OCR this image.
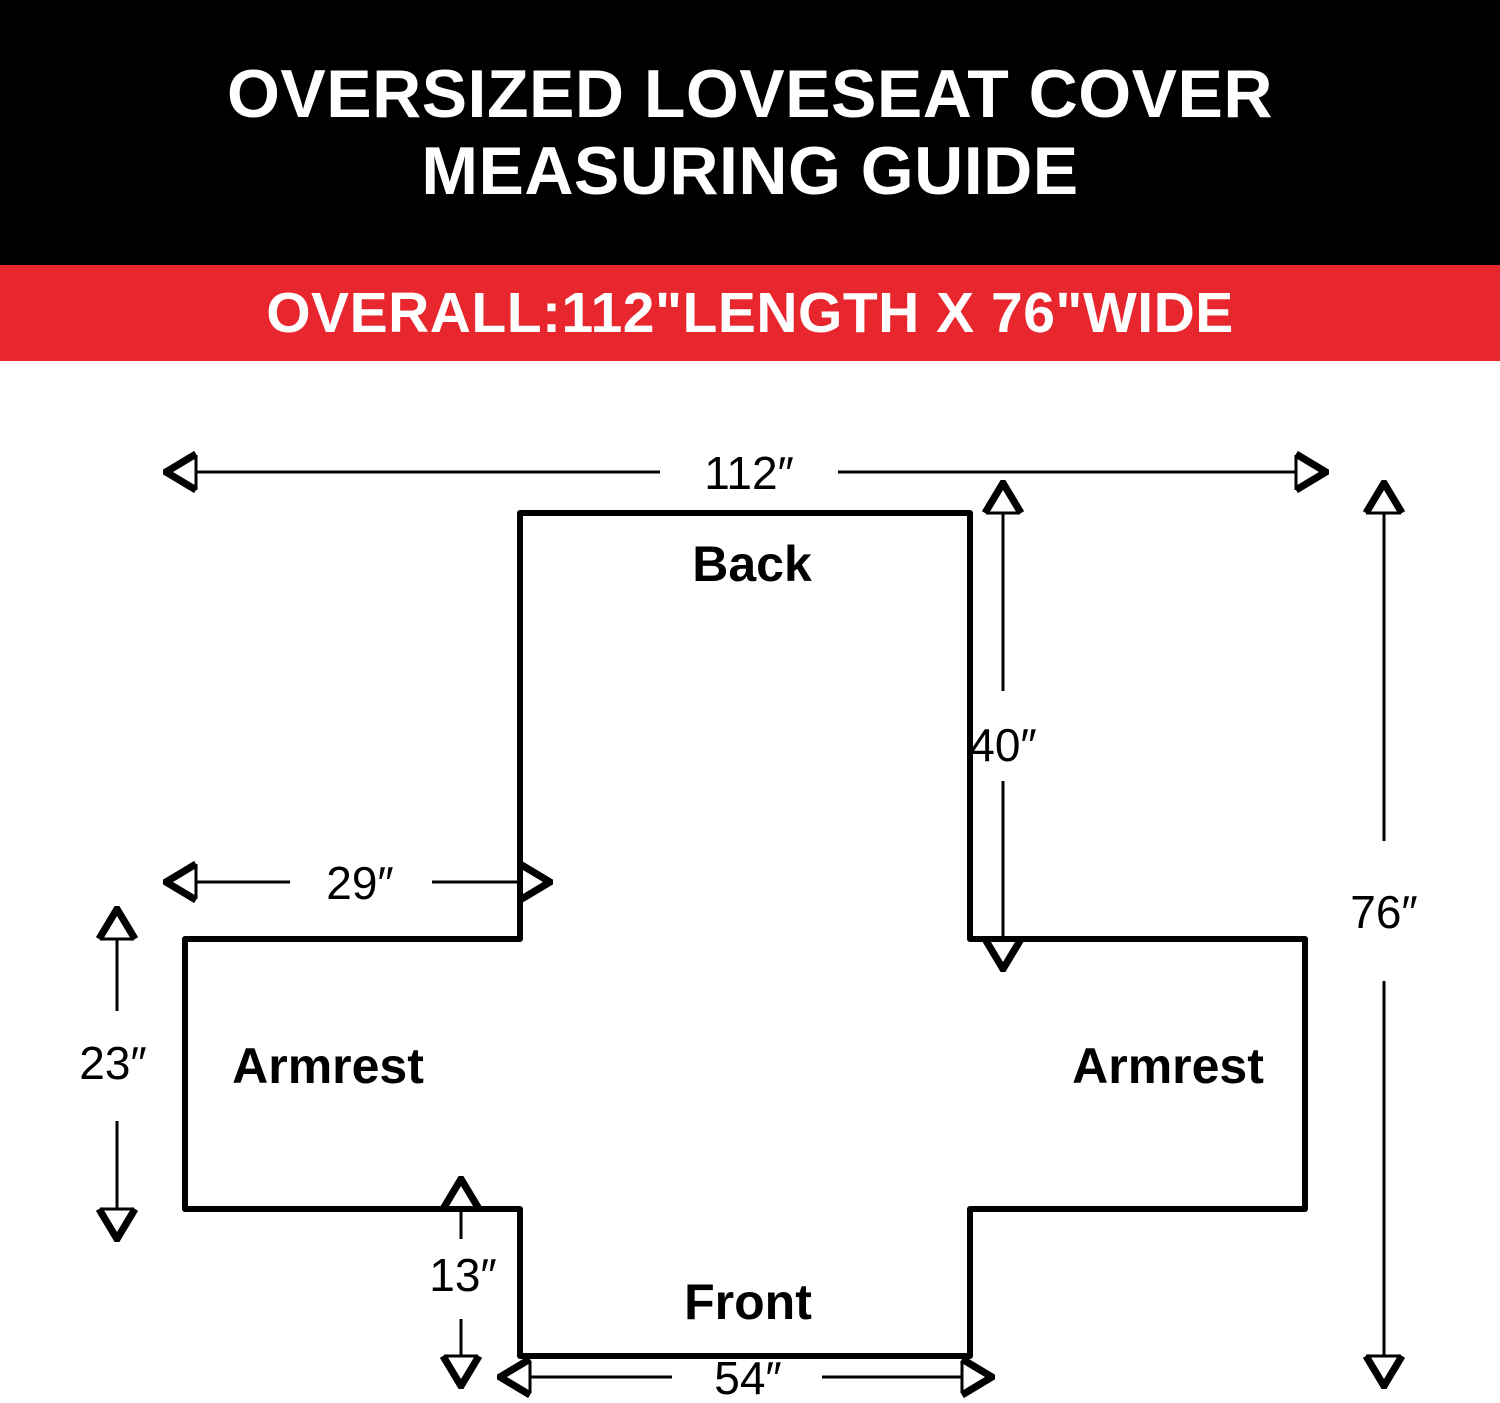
OVERSIZED LOVESEAT COVER
MEASURING GUIDE
OVERALL:112"LENGTH X 76"WIDE
112″
76″
40″
29″
23″
13″
54″
Back
Armrest	Armrest
Front
